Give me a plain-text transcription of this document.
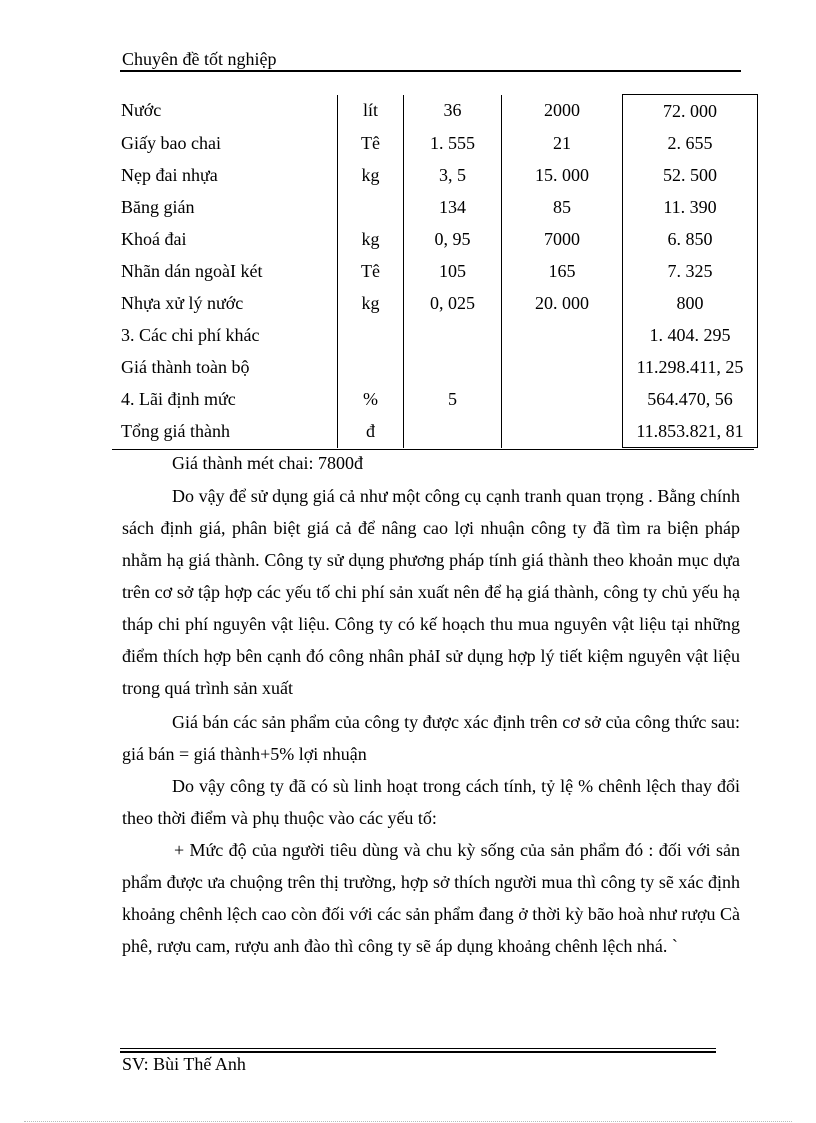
Chuyên đề tốt nghiệp
Nước	lít	36	2000	72. 000
Giấy bao chai	Tê	1. 555	21	2. 655
Nẹp đai nhựa	kg	3, 5	15. 000	52. 500
Băng gián		134	85	11. 390
Khoá đai	kg	0, 95	7000	6. 850
Nhãn dán ngoàI két	Tê	105	165	7. 325
Nhựa xử lý nước	kg	0, 025	20. 000	800
3. Các chi phí khác				1. 404. 295
Giá thành toàn bộ				11.298.411, 25
4. Lãi định mức	%	5		564.470, 56
Tổng giá thành	đ			11.853.821, 81
Giá thành mét chai: 7800đ

Do vậy để sử dụng giá cả như một công cụ cạnh tranh quan trọng . Bằng chính sách định giá, phân biệt giá cả để nâng cao lợi nhuận công ty đã tìm ra biện pháp nhằm hạ giá thành. Công ty sử dụng phương pháp tính giá thành theo khoản mục dựa trên cơ sở tập hợp các yếu tố chi phí sản xuất nên để hạ giá thành, công ty chủ yếu hạ tháp chi phí nguyên vật liệu. Công ty có kế hoạch thu mua nguyên vật liệu tại những điểm thích hợp bên cạnh đó công nhân phảI sử dụng hợp lý tiết kiệm nguyên vật liệu trong quá trình sản xuất

Giá bán các sản phẩm của công ty được xác định trên cơ sở của công thức sau: giá bán = giá thành+5% lợi nhuận

Do vậy công ty đã có sù linh hoạt trong cách tính, tỷ lệ % chênh lệch thay đổi theo thời điểm và phụ thuộc vào các yếu tố:

+ Mức độ của người tiêu dùng và chu kỳ sống của sản phẩm đó : đối với sản phẩm được ưa chuộng trên thị trường, hợp sở thích người mua thì công ty sẽ xác định khoảng chênh lệch cao còn đối với các sản phẩm đang ở thời kỳ bão hoà như rượu Cà phê, rượu cam, rượu anh đào thì công ty sẽ áp dụng khoảng chênh lệch nhá. `

SV: Bùi Thế Anh
